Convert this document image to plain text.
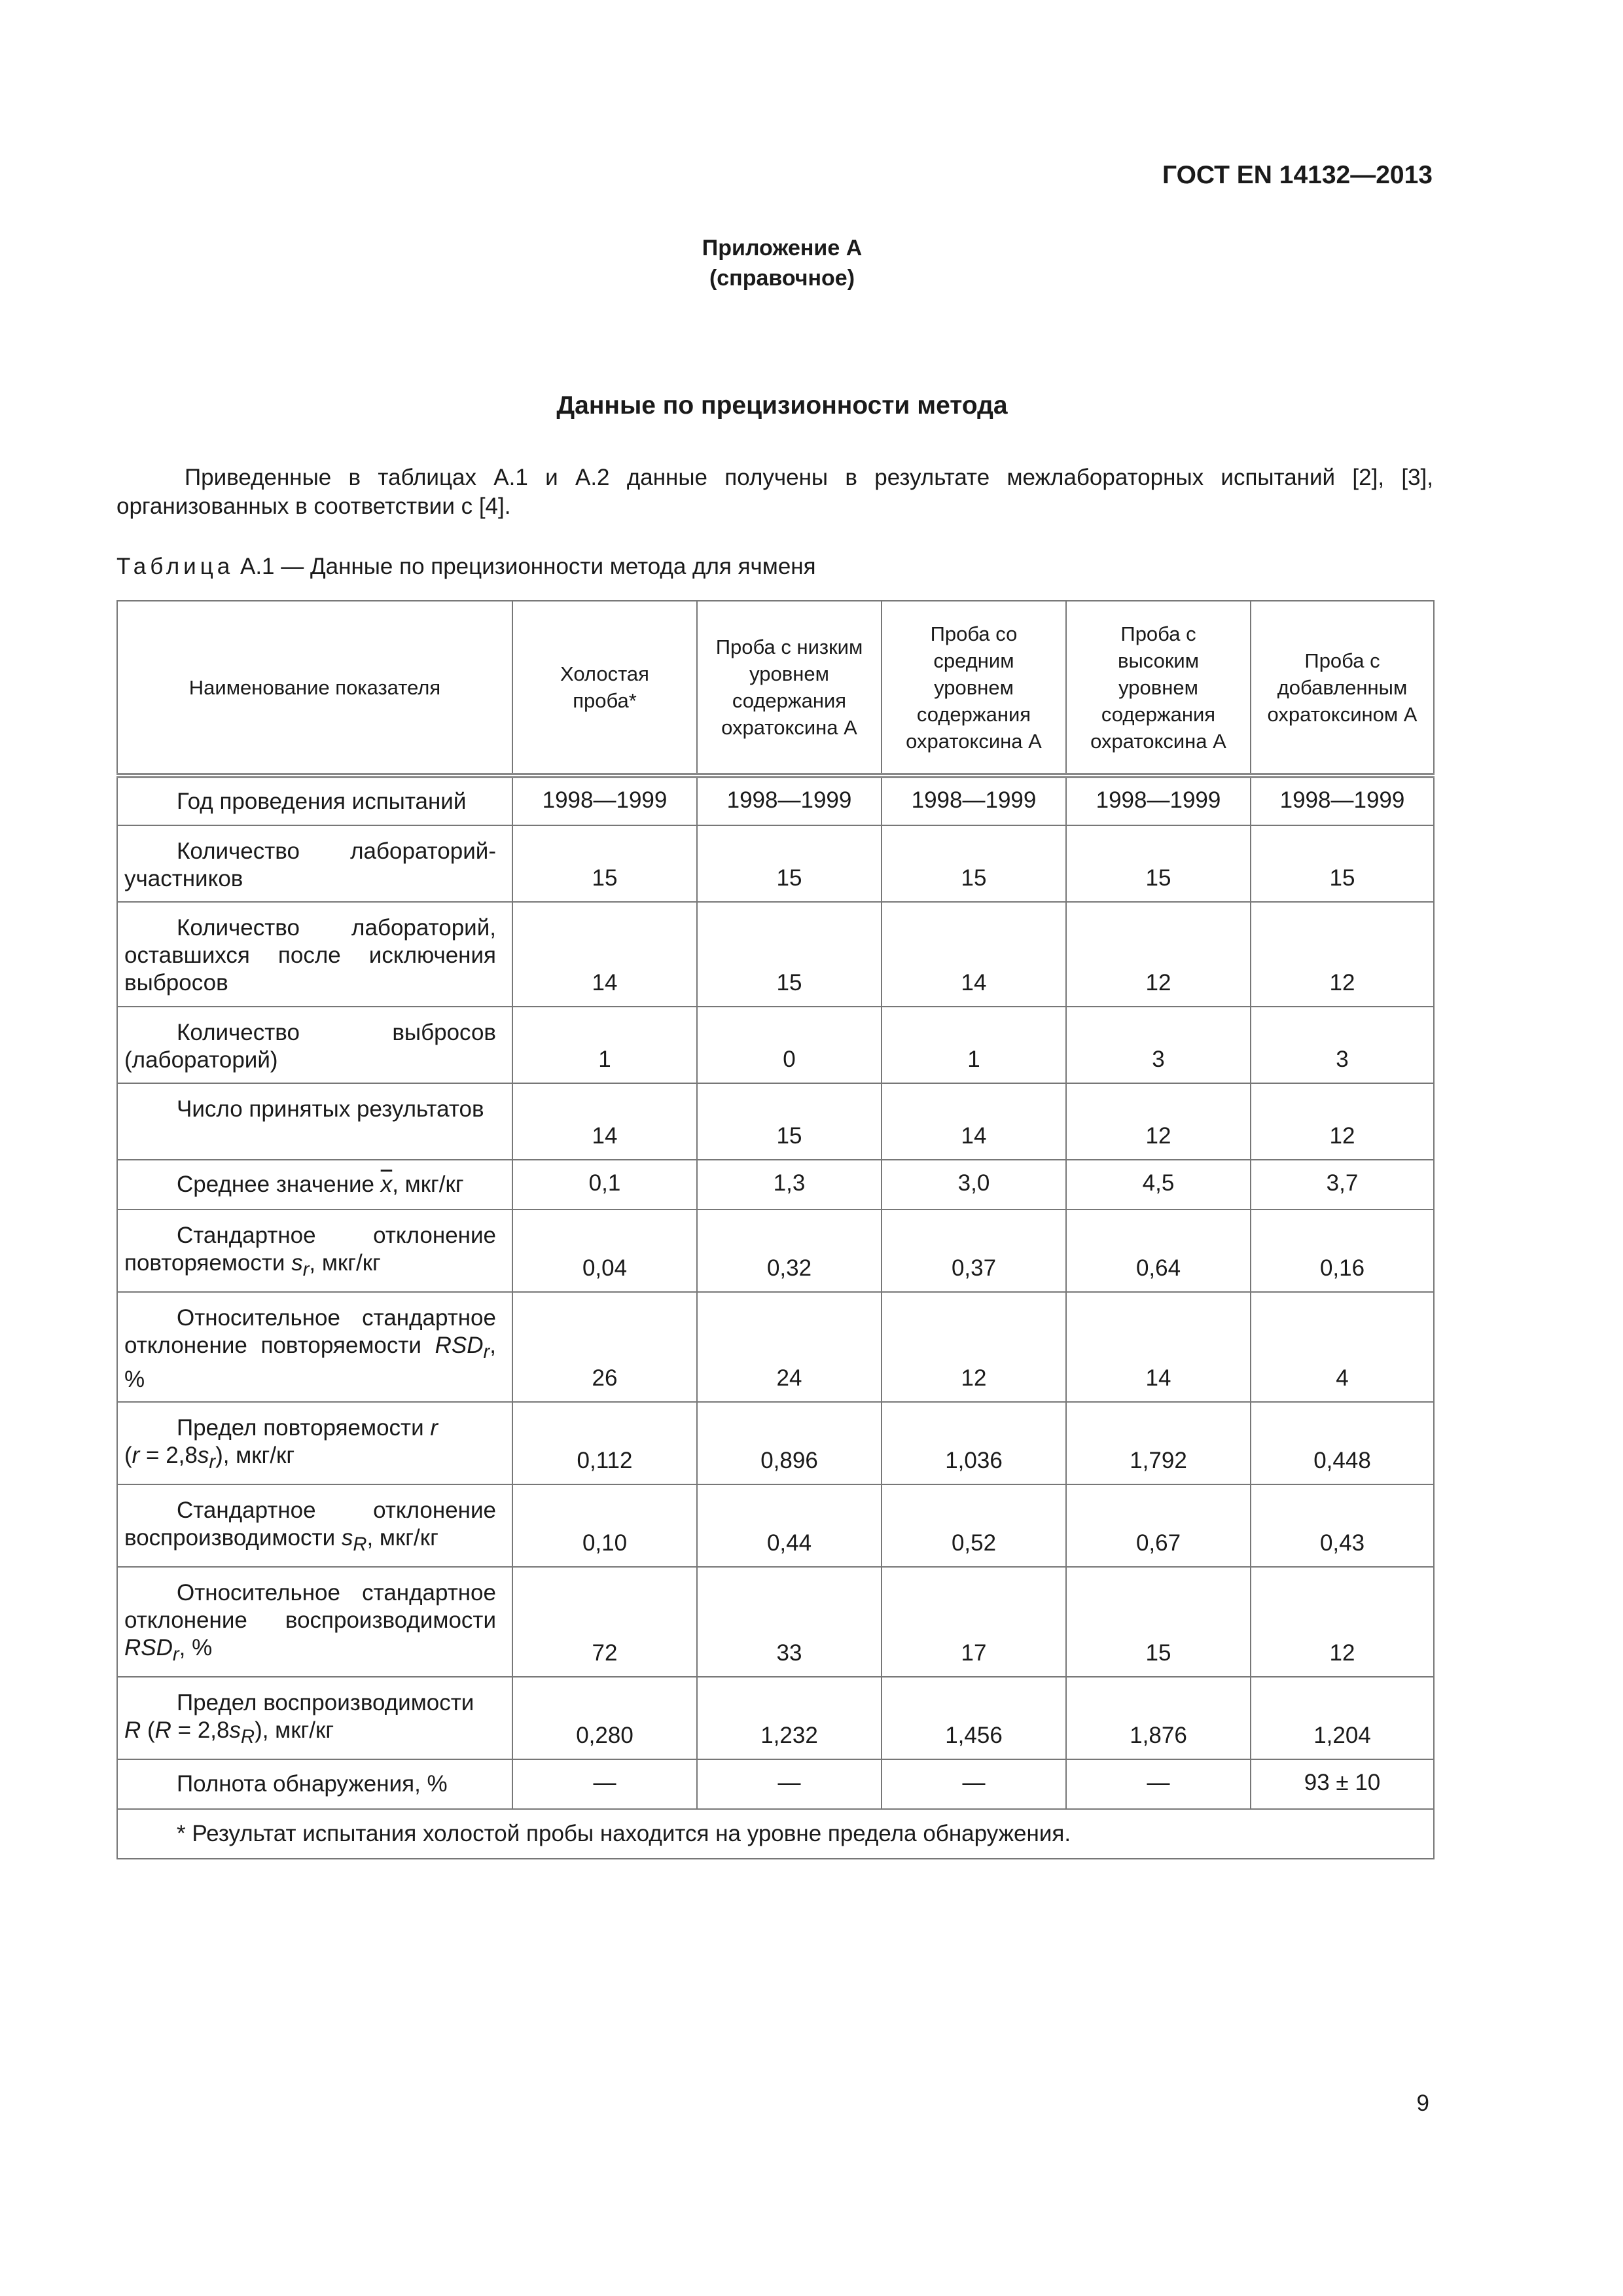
ГОСТ EN 14132—2013
Приложение А
(справочное)
Данные по прецизионности метода

Приведенные в таблицах А.1 и А.2 данные получены в результате межлабораторных испытаний [2], [3], организованных в соответствии с [4].

Таблица А.1 — Данные по прецизионности метода для ячменя
Наименование показателя	Холостая проба*	Проба с низким уровнем содержания охратоксина А	Проба со средним уровнем содержания охратоксина А	Проба с высоким уровнем содержания охратоксина А	Проба с добавленным охратоксином А
Год проведения испытаний	1998—1999	1998—1999	1998—1999	1998—1999	1998—1999
Количество лабораторий-участников	15	15	15	15	15
Количество лабораторий, оставшихся после исключения выбросов	14	15	14	12	12
Количество выбросов (лабораторий)	1	0	1	3	3
Число принятых результатов	14	15	14	12	12
Среднее значение $\overline{x}$, мкг/кг	0,1	1,3	3,0	4,5	3,7
Стандартное отклонение повторяемости $s_r$, мкг/кг	0,04	0,32	0,37	0,64	0,16
Относительное стандартное отклонение повторяемости $RSD_r$, %	26	24	12	14	4
Предел повторяемости r
$(r = 2,8s_r)$, мкг/кг	0,112	0,896	1,036	1,792	0,448
Стандартное отклонение воспроизводимости $s_R$, мкг/кг	0,10	0,44	0,52	0,67	0,43
Относительное стандартное отклонение воспроизводимости $RSD_r$, %	72	33	17	15	12
Предел воспроизводимости
R $(R = 2,8s_R)$, мкг/кг	0,280	1,232	1,456	1,876	1,204
Полнота обнаружения, %	—	—	—	—	93 ± 10
* Результат испытания холостой пробы находится на уровне предела обнаружения.					
9
